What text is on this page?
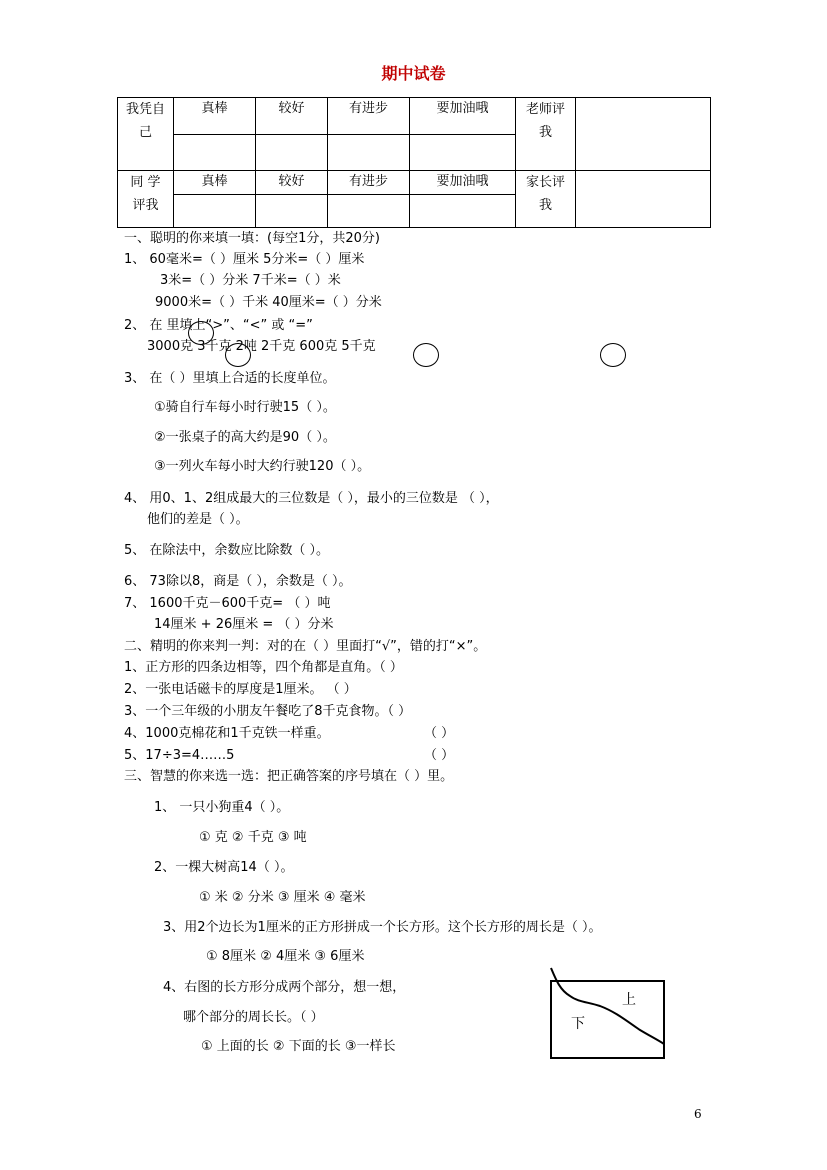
期中试卷
我凭自己	真棒	较好	有进步	要加油哦	老师评我	

同 学评我	真棒	较好	有进步	要加油哦	家长评我	

一、聪明的你来填一填：(每空1分，共20分)
1、 60毫米=（ ）厘米 5分米=（ ）厘米
3米=（ ）分米 7千米=（ ）米
9000米=（ ）千米 40厘米=（ ）分米
2、 在 里填上“>”、“<” 或 “=”
3000克 3千克 2吨 2千克 600克 5千克
3、 在（ ）里填上合适的长度单位。
①骑自行车每小时行驶15（ ）。
②一张桌子的高大约是90（ ）。
③一列火车每小时大约行驶120（ ）。
4、 用0、1、2组成最大的三位数是（ ），最小的三位数是 （ ），
他们的差是（ ）。
5、 在除法中，余数应比除数（ ）。
6、 73除以8，商是（ ），余数是（ ）。
7、 1600千克－600千克= （ ）吨
14厘米 + 26厘米 = （ ）分米
二、精明的你来判一判：对的在（ ）里面打“√”，错的打“×”。
1、正方形的四条边相等，四个角都是直角。（ ）
2、一张电话磁卡的厚度是1厘米。 （ ）
3、一个三年级的小朋友午餐吃了8千克食物。（ ）
4、1000克棉花和1千克铁一样重。	（ ）
5、17÷3=4……5	（ ）
三、智慧的你来选一选：把正确答案的序号填在（ ）里。
1、 一只小狗重4（ ）。
① 克 ② 千克 ③ 吨
2、一棵大树高14（ ）。
① 米 ② 分米 ③ 厘米 ④ 毫米
3、用2个边长为1厘米的正方形拼成一个长方形。这个长方形的周长是（ ）。
① 8厘米 ② 4厘米 ③ 6厘米
4、右图的长方形分成两个部分，想一想，
哪个部分的周长长。（ ）
① 上面的长 ② 下面的长 ③一样长
上
下
6
